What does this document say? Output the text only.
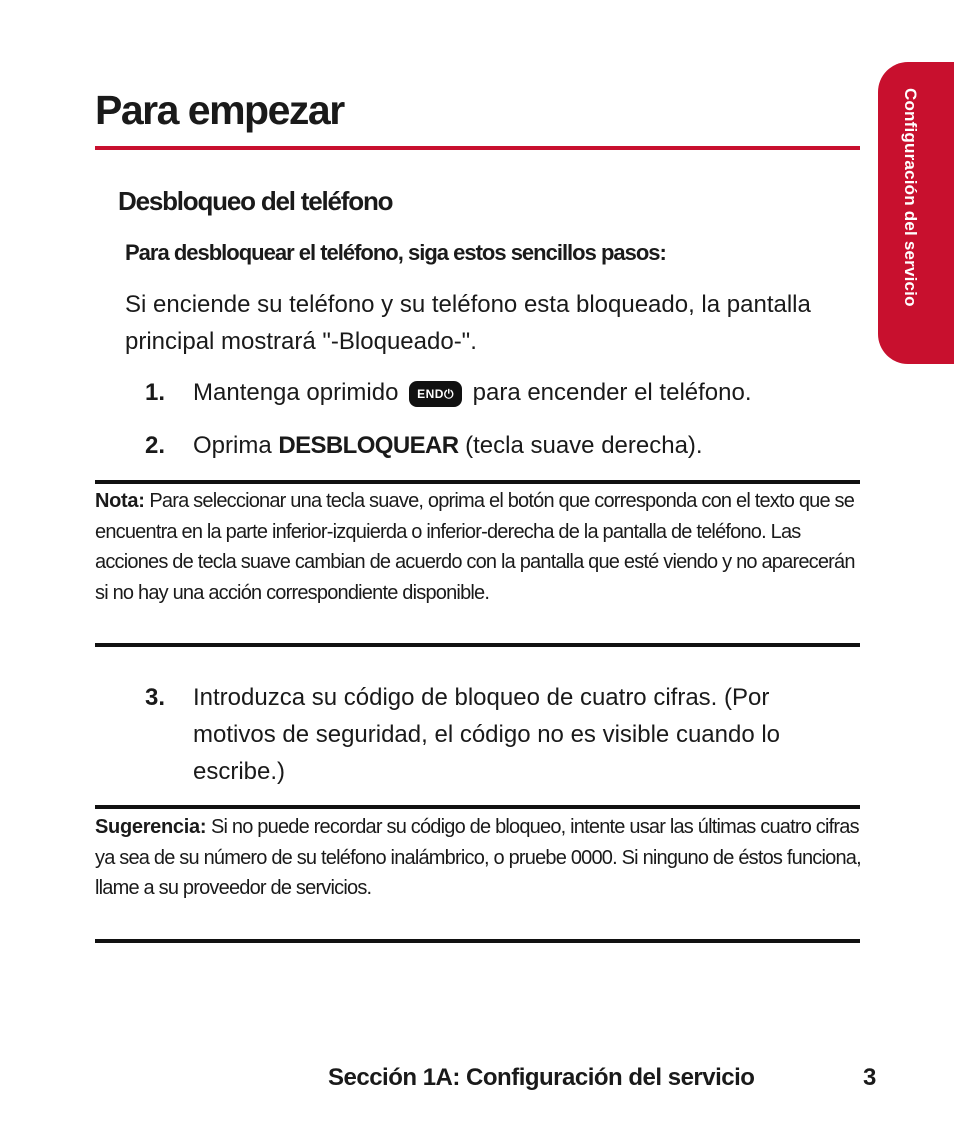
Configuración del servicio
Para empezar
Desbloqueo del teléfono

Para desbloquear el teléfono, siga estos sencillos pasos:

Si enciende su teléfono y su teléfono esta bloqueado, la pantalla principal mostrará "-Bloqueado-".

1. Mantenga oprimido END⏻ para encender el teléfono.
2. Oprima DESBLOQUEAR (tecla suave derecha).

Nota: Para seleccionar una tecla suave, oprima el botón que corresponda con el texto que se encuentra en la parte inferior-izquierda o inferior-derecha de la pantalla de teléfono. Las acciones de tecla suave cambian de acuerdo con la pantalla que esté viendo y no aparecerán si no hay una acción correspondiente disponible.

3. Introduzca su código de bloqueo de cuatro cifras. (Por motivos de seguridad, el código no es visible cuando lo escribe.)

Sugerencia: Si no puede recordar su código de bloqueo, intente usar las últimas cuatro cifras ya sea de su número de su teléfono inalámbrico, o pruebe 0000. Si ninguno de éstos funciona, llame a su proveedor de servicios.

Sección 1A: Configuración del servicio	3
